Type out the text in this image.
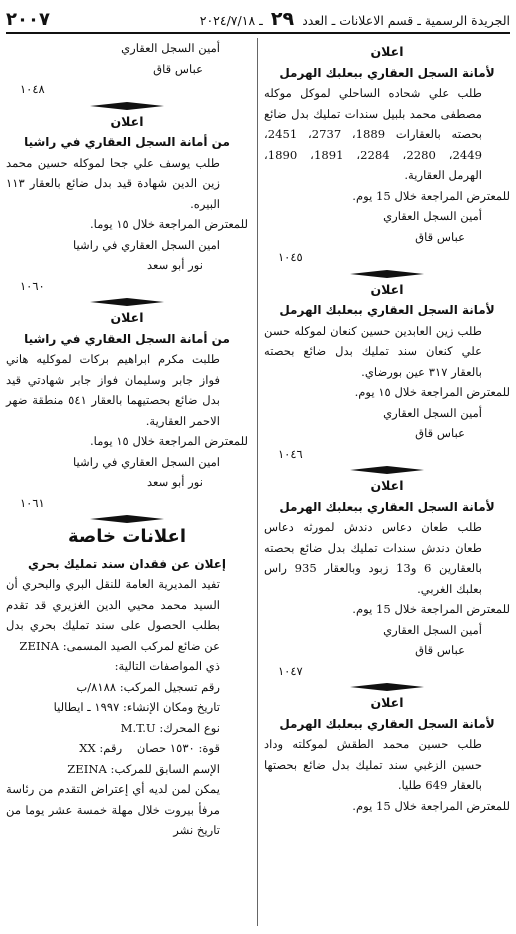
الجريدة الرسمية ـ قسم الاعلانات ـ العدد ٢٩ ـ ٢٠٢٤/٧/١٨
٢٠٠٧

اعلان

لأمانة السجل العقاري ببعلبك الهرمل

طلب علي شحاده الساحلي لموكل موكله مصطفى محمد بلبيل سندات تمليك بدل ضائع بحصته بالعقارات 1889، 2737، 2451، 2449، 2280، 2284، 1891، 1890، الهرمل العقارية.

للمعترض المراجعة خلال 15 يوم.

أمين السجل العقاري

عباس قاق

١٠٤٥

اعلان

لأمانة السجل العقاري ببعلبك الهرمل

طلب زين العابدين حسين كنعان لموكله حسن علي كنعان سند تمليك بدل ضائع بحصته بالعقار ٣١٧ عين بورضاي.

للمعترض المراجعة خلال ١٥ يوم.

أمين السجل العقاري

عباس قاق

١٠٤٦

اعلان

لأمانة السجل العقاري ببعلبك الهرمل

طلب طعان دعاس دندش لمورثه دعاس طعان دندش سندات تمليك بدل ضائع بحصته بالعقارين 6 و13 زبود وبالعقار 935 راس بعلبك الغربي.

للمعترض المراجعة خلال 15 يوم.

أمين السجل العقاري

عباس قاق

١٠٤٧

اعلان

لأمانة السجل العقاري ببعلبك الهرمل

طلب حسين محمد الطقش لموكلته وداد حسين الزغبي سند تمليك بدل ضائع بحصتها بالعقار 649 طليا.

للمعترض المراجعة خلال 15 يوم.

أمين السجل العقاري

عباس قاق

١٠٤٨

اعلان

من أمانة السجل العقاري في راشيا

طلب يوسف علي جحا لموكله حسين محمد زين الدين شهادة قيد بدل ضائع بالعقار ١١٣ البيره.

للمعترض المراجعة خلال ١٥ يوما.

امين السجل العقاري في راشيا

نور أبو سعد

١٠٦٠

اعلان

من أمانة السجل العقاري في راشيا

طلبت مكرم ابراهيم بركات لموكليه هاني فواز جابر وسليمان فواز جابر شهادتي قيد بدل ضائع بحصتيهما بالعقار ٥٤١ منطقة ضهر الاحمر العقارية.

للمعترض المراجعة خلال ١٥ يوما.

امين السجل العقاري في راشيا

نور أبو سعد

١٠٦١

اعلانات خاصة

إعلان عن فقدان سند تمليك بحري

تفيد المديرية العامة للنقل البري والبحري أن السيد محمد محيي الدين الغزيري قد تقدم بطلب الحصول على سند تمليك بحري بدل عن ضائع لمركب الصيد المسمى: ZEINA

ذي المواصفات التالية:

رقم تسجيل المركب: ٨١٨٨/ب

تاريخ ومكان الإنشاء: ١٩٩٧ ـ ايطاليا

نوع المحرك: M.T.U

قوة: ١٥٣٠ حصان    رقم: XX

الإسم السابق للمركب: ZEINA

يمكن لمن لديه أي إعتراض التقدم من رئاسة مرفأ بيروت خلال مهلة خمسة عشر يوما من تاريخ نشر
